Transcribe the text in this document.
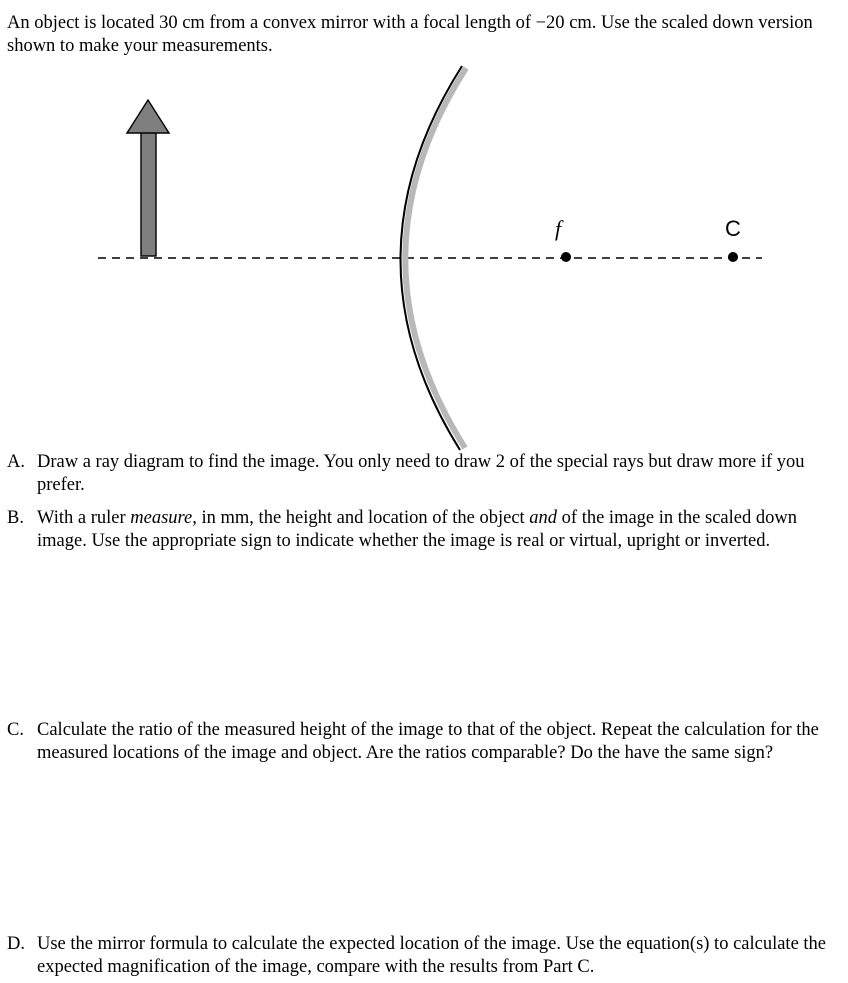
An object is located 30 cm from a convex mirror with a focal length of −20 cm. Use the scaled down version shown to make your measurements.
f	C
A. Draw a ray diagram to find the image. You only need to draw 2 of the special rays but draw more if you prefer.
B. With a ruler measure, in mm, the height and location of the object and of the image in the scaled down image. Use the appropriate sign to indicate whether the image is real or virtual, upright or inverted.
C. Calculate the ratio of the measured height of the image to that of the object. Repeat the calculation for the measured locations of the image and object. Are the ratios comparable? Do the have the same sign?
D. Use the mirror formula to calculate the expected location of the image. Use the equation(s) to calculate the expected magnification of the image, compare with the results from Part C.
